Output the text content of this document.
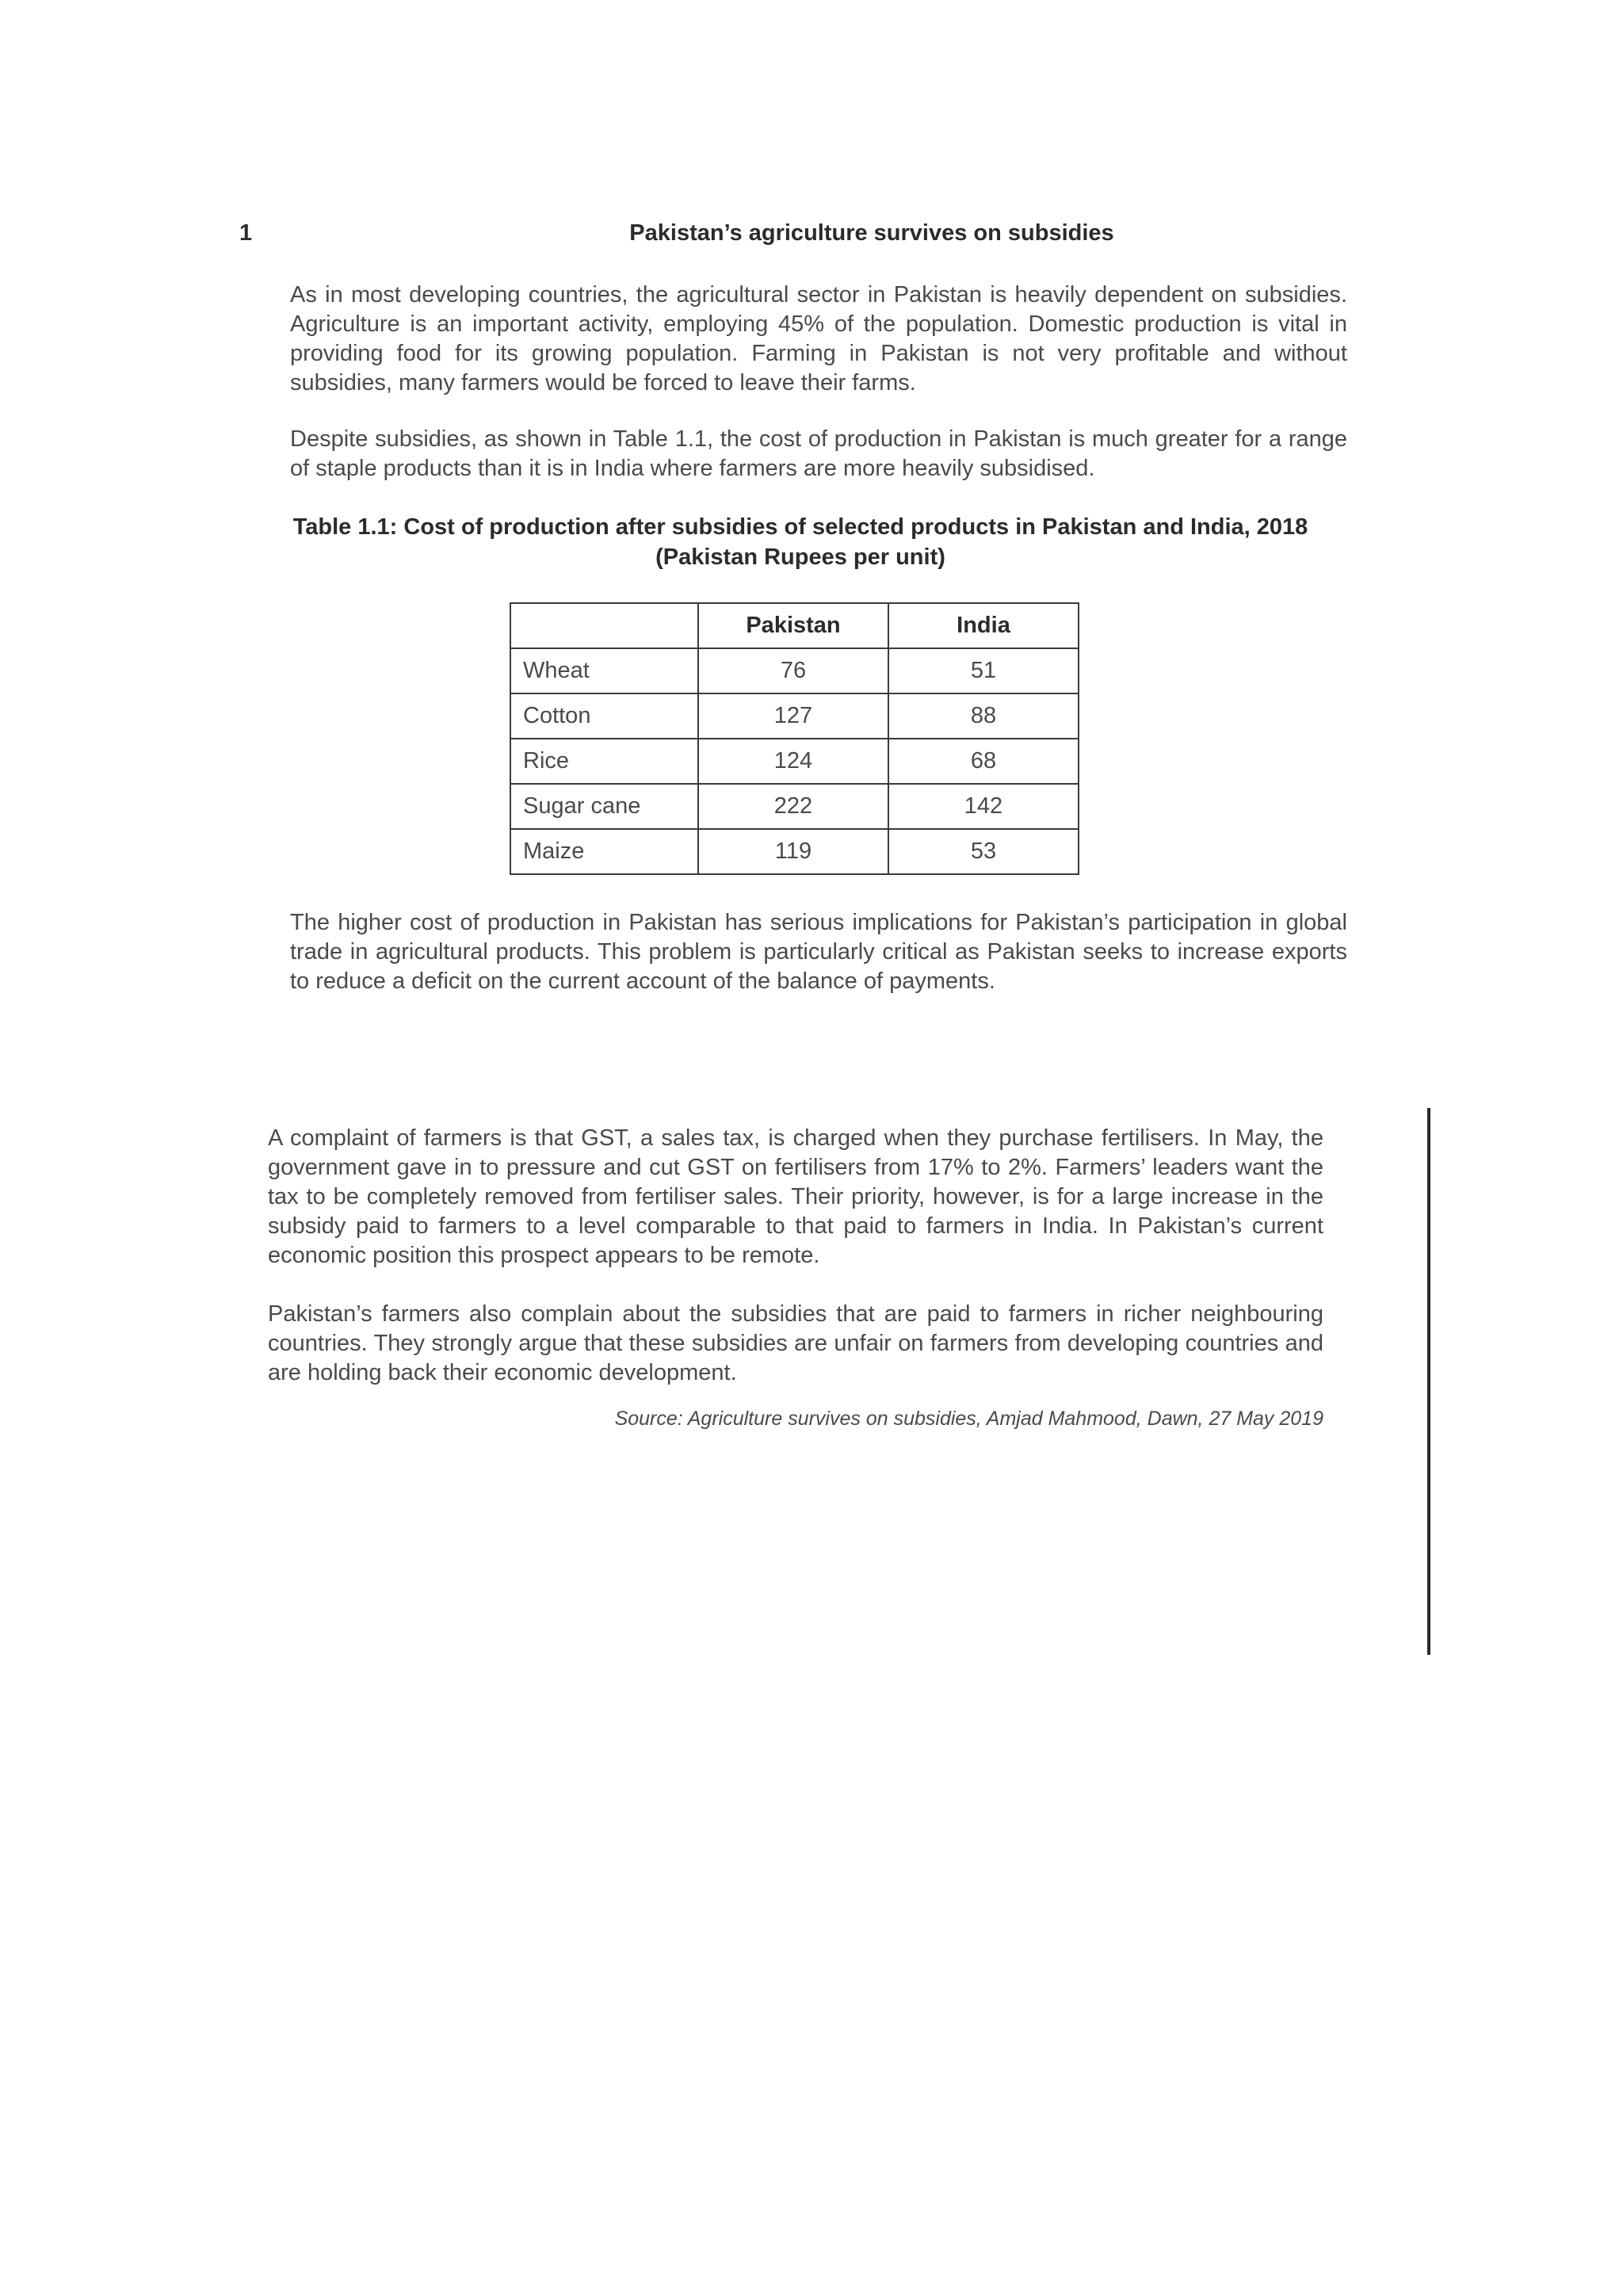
1	Pakistan’s agriculture survives on subsidies

As in most developing countries, the agricultural sector in Pakistan is heavily dependent on subsidies. Agriculture is an important activity, employing 45% of the population. Domestic production is vital in providing food for its growing population. Farming in Pakistan is not very profitable and without subsidies, many farmers would be forced to leave their farms.

Despite subsidies, as shown in Table 1.1, the cost of production in Pakistan is much greater for a range of staple products than it is in India where farmers are more heavily subsidised.

Table 1.1: Cost of production after subsidies of selected products in Pakistan and India, 2018
(Pakistan Rupees per unit)
	Pakistan	India
Wheat	76	51
Cotton	127	88
Rice	124	68
Sugar cane	222	142
Maize	119	53

The higher cost of production in Pakistan has serious implications for Pakistan’s participation in global trade in agricultural products. This problem is particularly critical as Pakistan seeks to increase exports to reduce a deficit on the current account of the balance of payments.

A complaint of farmers is that GST, a sales tax, is charged when they purchase fertilisers. In May, the government gave in to pressure and cut GST on fertilisers from 17% to 2%. Farmers’ leaders want the tax to be completely removed from fertiliser sales. Their priority, however, is for a large increase in the subsidy paid to farmers to a level comparable to that paid to farmers in India. In Pakistan’s current economic position this prospect appears to be remote.

Pakistan’s farmers also complain about the subsidies that are paid to farmers in richer neighbouring countries. They strongly argue that these subsidies are unfair on farmers from developing countries and are holding back their economic development.

Source: Agriculture survives on subsidies, Amjad Mahmood, Dawn, 27 May 2019
